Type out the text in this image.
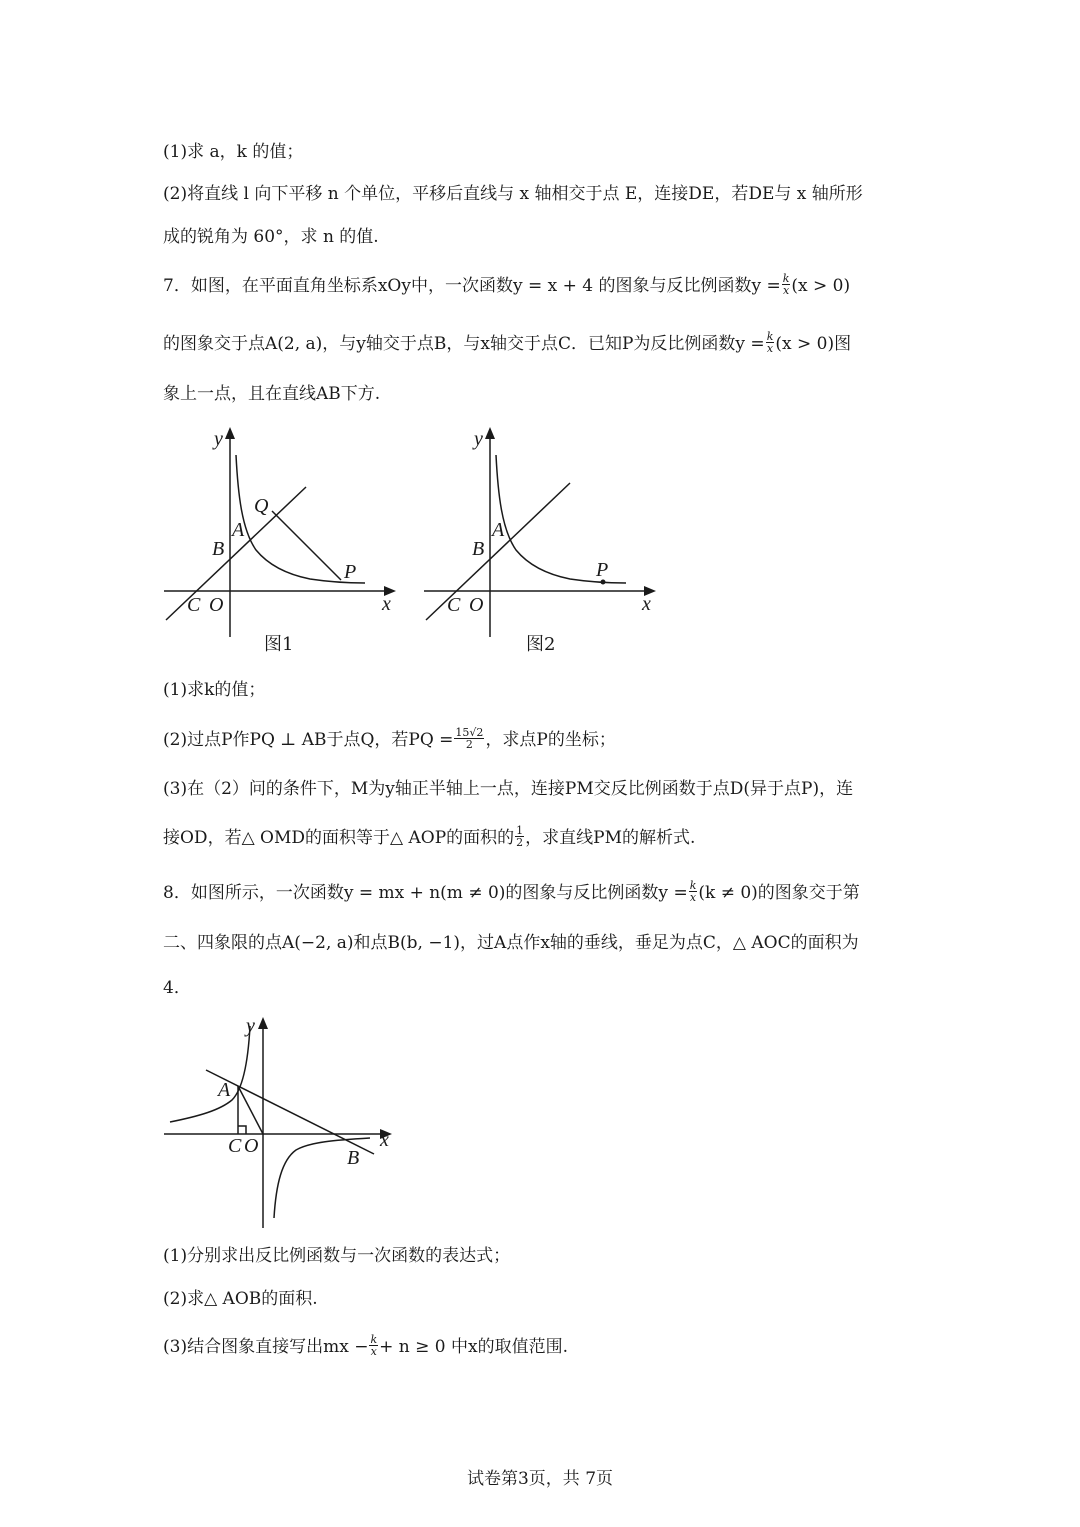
(1)求 a，k 的值；
(2)将直线 l 向下平移 n 个单位，平移后直线与 x 轴相交于点 E，连接DE，若DE与 x 轴所形
成的锐角为 60°，求 n 的值.
7．如图，在平面直角坐标系xOy中，一次函数y = x + 4 的图象与反比例函数$y = \frac{k}{x} (x > 0)$
的图象交于点A(2, a)，与y轴交于点B，与x轴交于点C．已知P为反比例函数$y = \frac{k}{x} (x > 0)$图
象上一点，且在直线AB下方.
y
x
Q
A
B
P
C O
图1
y
x
A
B
P
C O
图2
(1)求k的值；
(2)过点P作PQ ⊥ AB于点Q，若PQ = $\frac{15√2}{2}$ ，求点P的坐标；
(3)在（2）问的条件下，M为y轴正半轴上一点，连接PM交反比例函数于点D(异于点P)，连
接OD，若△ OMD的面积等于△ AOP的面积的 $\frac{1}{2}$ ，求直线PM的解析式.
8．如图所示，一次函数y = mx + n(m ≠ 0)的图象与反比例函数$y = \frac{k}{x} (k \ne 0)$的图象交于第
二、四象限的点A(−2, a)和点B(b, −1)，过A点作x轴的垂线，垂足为点C，△ AOC的面积为
4．
y
x
A
B
C O
(1)分别求出反比例函数与一次函数的表达式；
(2)求△ AOB的面积.
(3)结合图象直接写出mx − $\frac{k}{x} + n \ge 0$ 中x的取值范围.
试卷第3页，共 7页
